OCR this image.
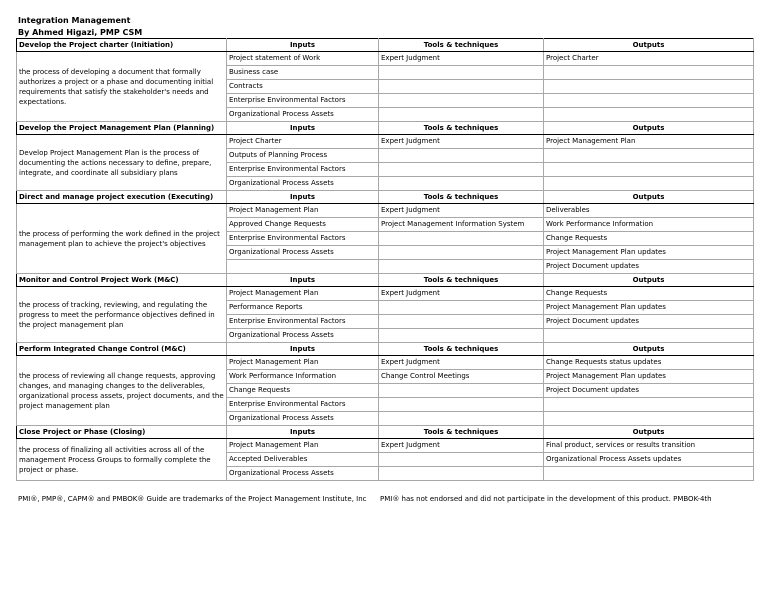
Integration Management
By Ahmed Higazi, PMP CSM
Develop the Project charter (Initiation)	Inputs	Tools & techniques	Outputs
the process of developing a document that formally authorizes a project or a phase and documenting initial requirements that satisfy the stakeholder's needs and expectations.	Project statement of Work	Expert Judgment	Project Charter
	Business case		
	Contracts		
	Enterprise Environmental Factors		
	Organizational Process Assets		
Develop the Project Management Plan (Planning)	Inputs	Tools & techniques	Outputs
Develop Project Management Plan is the process of documenting the actions necessary to define, prepare, integrate, and coordinate all subsidiary plans	Project Charter	Expert Judgment	Project Management Plan
	Outputs of Planning Process		
	Enterprise Environmental Factors		
	Organizational Process Assets		
Direct and manage project execution (Executing)	Inputs	Tools & techniques	Outputs
the process of performing the work defined in the project management plan to achieve the project's objectives	Project Management Plan	Expert Judgment	Deliverables
	Approved Change Requests	Project Management Information System	Work Performance Information
	Enterprise Environmental Factors		Change Requests
	Organizational Process Assets		Project Management Plan updates
			Project Document updates
Monitor and Control Project Work (M&C)	Inputs	Tools & techniques	Outputs
the process of tracking, reviewing, and regulating the progress to meet the performance objectives defined in the project management plan	Project Management Plan	Expert Judgment	Change Requests
	Performance Reports		Project Management Plan updates
	Enterprise Environmental Factors		Project Document updates
	Organizational Process Assets		
Perform Integrated Change Control (M&C)	Inputs	Tools & techniques	Outputs
the process of reviewing all change requests, approving changes, and managing changes to the deliverables, organizational process assets, project documents, and the project management plan	Project Management Plan	Expert Judgment	Change Requests status updates
	Work Performance Information	Change Control Meetings	Project Management Plan updates
	Change Requests		Project Document updates
	Enterprise Environmental Factors		
	Organizational Process Assets		
Close Project or Phase (Closing)	Inputs	Tools & techniques	Outputs
the process of finalizing all activities across all of the management Process Groups to formally complete the project or phase.	Project Management Plan	Expert Judgment	Final product, services or results transition
	Accepted Deliverables		Organizational Process Assets updates
	Organizational Process Assets		
PMI®, PMP®, CAPM® and PMBOK® Guide are trademarks of the Project Management Institute, Inc PMI® has not endorsed and did not participate in the development of this product. PMBOK-4th
